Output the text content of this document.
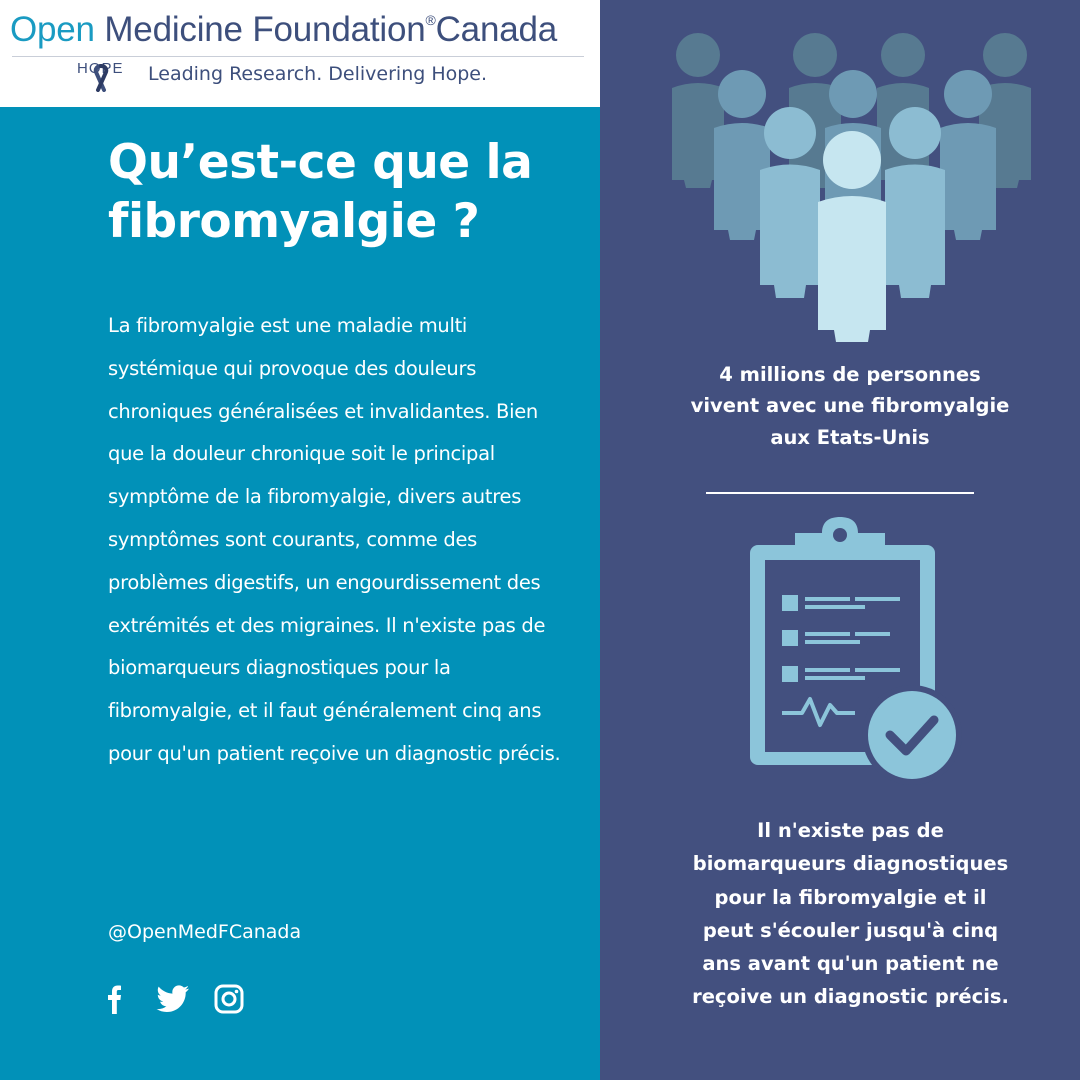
Open Medicine Foundation®Canada
HOPE Leading Research. Delivering Hope.
Qu’est-ce que la fibromyalgie ?

La fibromyalgie est une maladie multi systémique qui provoque des douleurs chroniques généralisées et invalidantes. Bien que la douleur chronique soit le principal symptôme de la fibromyalgie, divers autres symptômes sont courants, comme des problèmes digestifs, un engourdissement des extrémités et des migraines. Il n'existe pas de biomarqueurs diagnostiques pour la fibromyalgie, et il faut généralement cinq ans pour qu'un patient reçoive un diagnostic précis.

@OpenMedFCanada

4 millions de personnes vivent avec une fibromyalgie aux Etats-Unis

Il n'existe pas de biomarqueurs diagnostiques pour la fibromyalgie et il peut s'écouler jusqu'à cinq ans avant qu'un patient ne reçoive un diagnostic précis.
